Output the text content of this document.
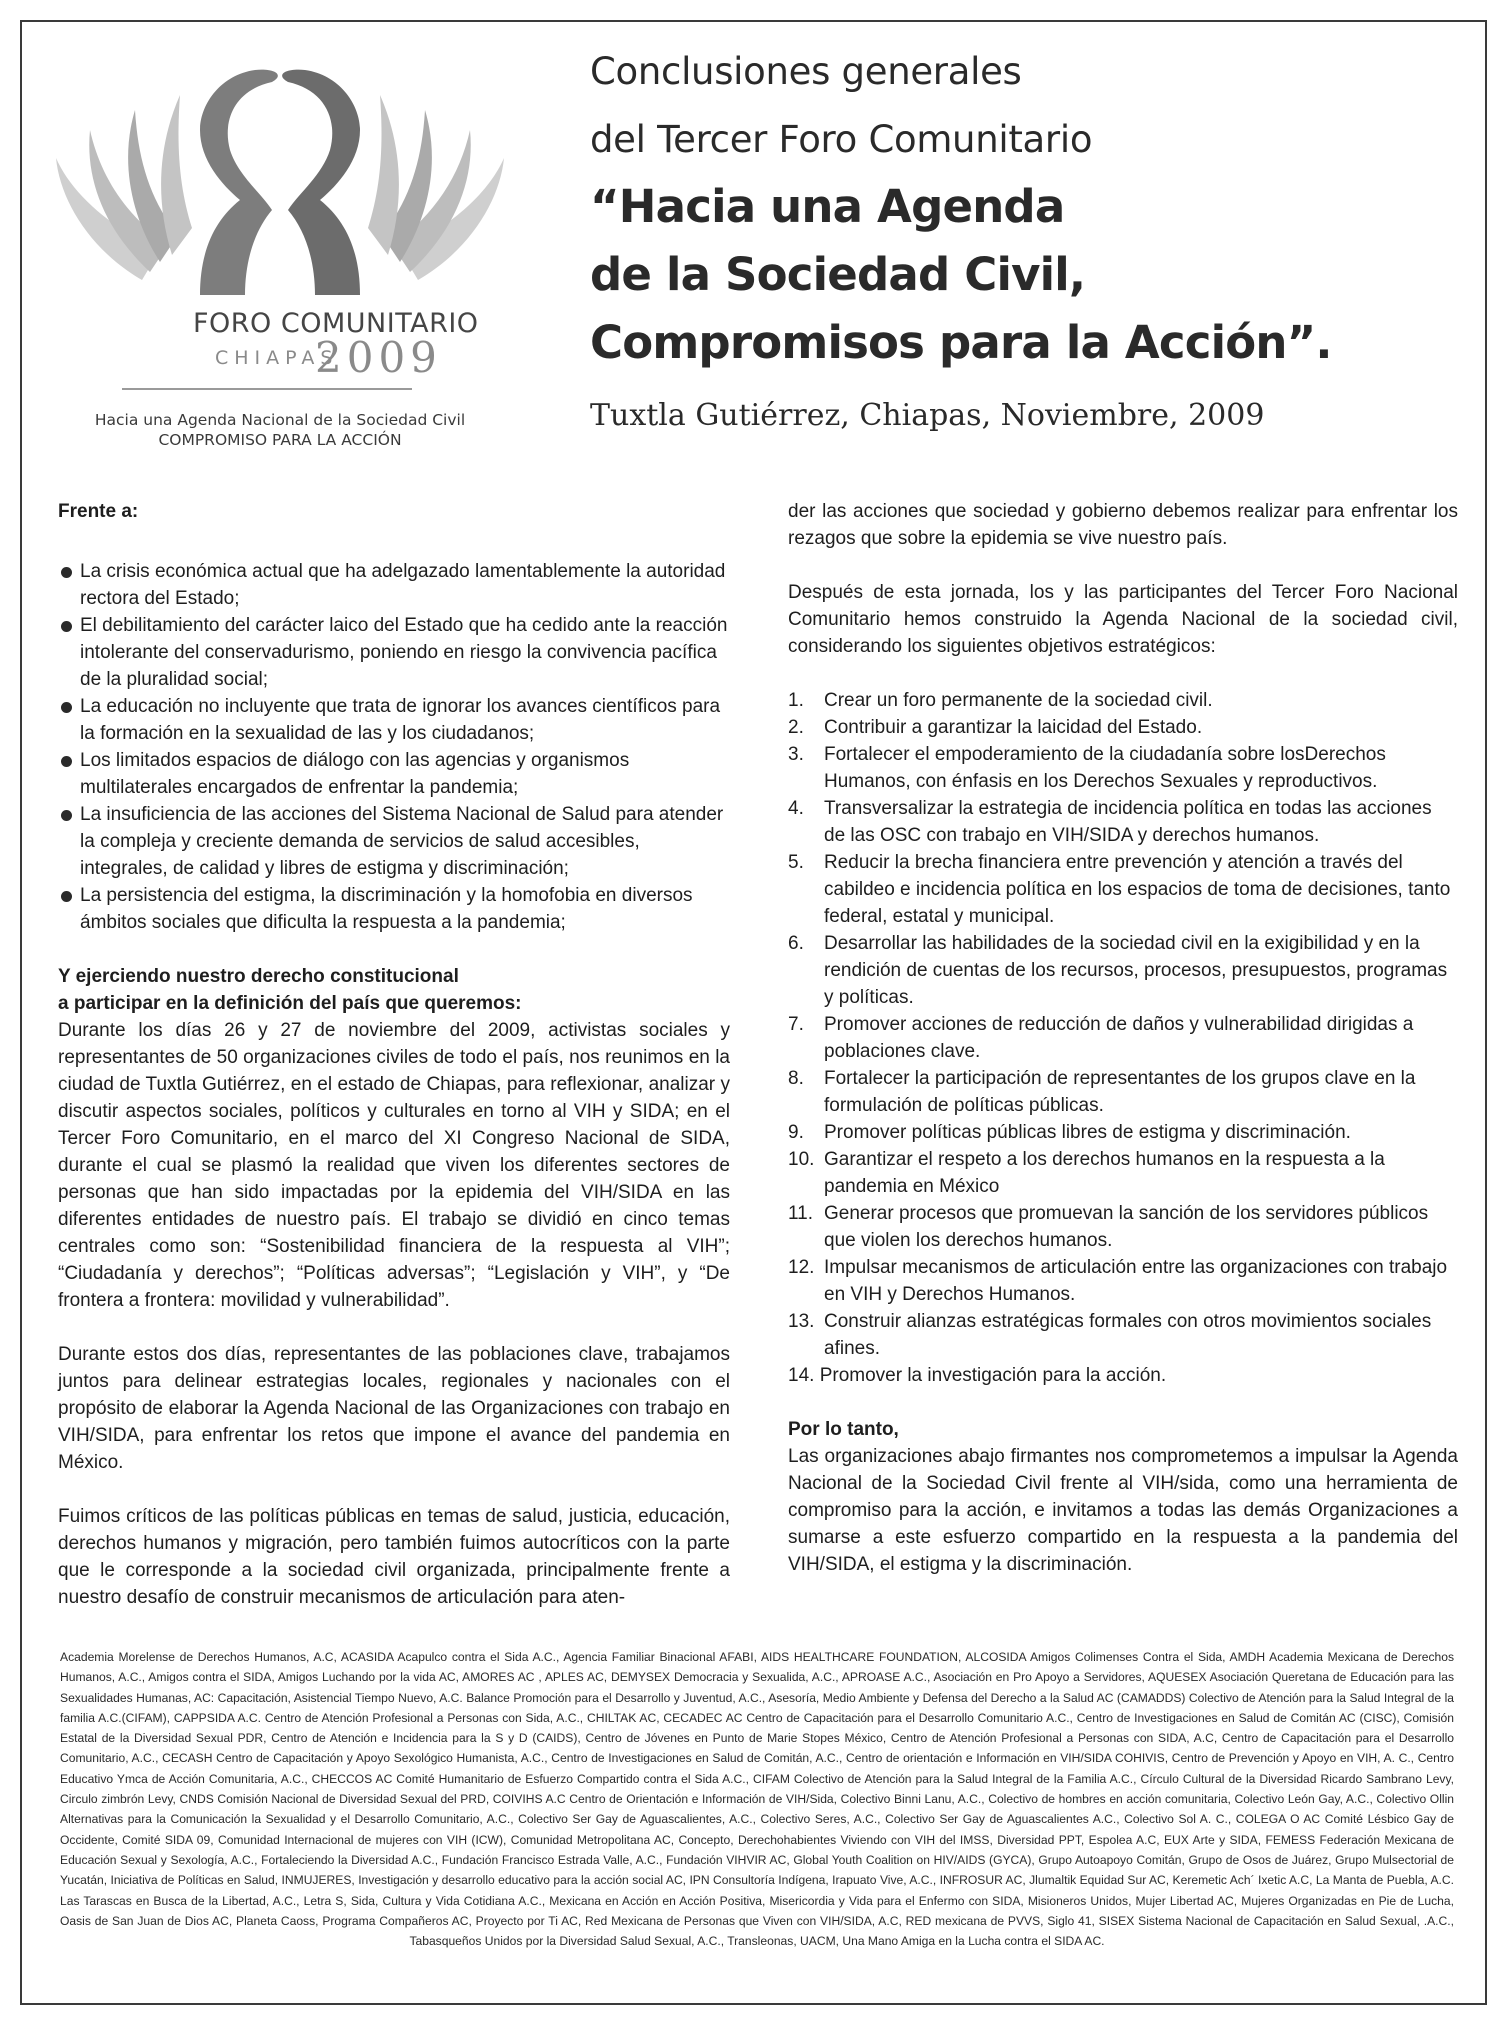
FORO COMUNITARIO
CHIAPAS
2009
Hacia una Agenda Nacional de la Sociedad Civil
COMPROMISO PARA LA ACCIÓN
Conclusiones generales
del Tercer Foro Comunitario
“Hacia una Agenda
de la Sociedad Civil,
Compromisos para la Acción”.
Tuxtla Gutiérrez, Chiapas, Noviembre, 2009

Frente a:

La crisis económica actual que ha adelgazado lamentablemente la autoridad rectora del Estado;

El debilitamiento del carácter laico del Estado que ha cedido ante la reacción intolerante del conservadurismo, poniendo en riesgo la convivencia pacífica de la pluralidad social;

La educación no incluyente que trata de ignorar los avances científicos para la formación en la sexualidad de las y los ciudadanos;

Los limitados espacios de diálogo con las agencias y organismos multilaterales encargados de enfrentar la pandemia;

La insuficiencia de las acciones del Sistema Nacional de Salud para atender la compleja y creciente demanda de servicios de salud accesibles, integrales, de calidad y libres de estigma y discriminación;

La persistencia del estigma, la discriminación y la homofobia en diversos ámbitos sociales que dificulta la respuesta a la pandemia;

Y ejerciendo nuestro derecho constitucional

a participar en la definición del país que queremos:

Durante los días 26 y 27 de noviembre del 2009, activistas sociales y representantes de 50 organizaciones civiles de todo el país, nos reunimos en la ciudad de Tuxtla Gutiérrez, en el estado de Chiapas, para reflexionar, analizar y discutir aspectos sociales, políticos y culturales en torno al VIH y SIDA; en el Tercer Foro Comunitario, en el marco del XI Congreso Nacional de SIDA, durante el cual se plasmó la realidad que viven los diferentes sectores de personas que han sido impactadas por la epidemia del VIH/SIDA en las diferentes entidades de nuestro país. El trabajo se dividió en cinco temas centrales como son: “Sostenibilidad financiera de la respuesta al VIH”; “Ciudadanía y derechos”; “Políticas adversas”; “Legislación y VIH”, y “De frontera a frontera: movilidad y vulnerabilidad”.

Durante estos dos días, representantes de las poblaciones clave, trabajamos juntos para delinear estrategias locales, regionales y nacionales con el propósito de elaborar la Agenda Nacional de las Organizaciones con trabajo en VIH/SIDA, para enfrentar los retos que impone el avance del pandemia en México.

Fuimos críticos de las políticas públicas en temas de salud, justicia, educación, derechos humanos y migración, pero también fuimos autocríticos con la parte que le corresponde a la sociedad civil organizada, principalmente frente a nuestro desafío de construir mecanismos de articulación para aten-

der las acciones que sociedad y gobierno debemos realizar para enfrentar los rezagos que sobre la epidemia se vive nuestro país.

Después de esta jornada, los y las participantes del Tercer Foro Nacional Comunitario hemos construido la Agenda Nacional de la sociedad civil, considerando los siguientes objetivos estratégicos:

1. Crear un foro permanente de la sociedad civil.

2. Contribuir a garantizar la laicidad del Estado.

3. Fortalecer el empoderamiento de la ciudadanía sobre losDerechos Humanos, con énfasis en los Derechos Sexuales y reproductivos.

4. Transversalizar la estrategia de incidencia política en todas las acciones de las OSC con trabajo en VIH/SIDA y derechos humanos.

5. Reducir la brecha financiera entre prevención y atención a través del cabildeo e incidencia política en los espacios de toma de decisiones, tanto federal, estatal y municipal.

6. Desarrollar las habilidades de la sociedad civil en la exigibilidad y en la rendición de cuentas de los recursos, procesos, presupuestos, programas y políticas.

7. Promover acciones de reducción de daños y vulnerabilidad dirigidas a poblaciones clave.

8. Fortalecer la participación de representantes de los grupos clave en la formulación de políticas públicas.

9. Promover políticas públicas libres de estigma y discriminación.

10. Garantizar el respeto a los derechos humanos en la respuesta a la pandemia en México

11. Generar procesos que promuevan la sanción de los servidores públicos que violen los derechos humanos.

12. Impulsar mecanismos de articulación entre las organizaciones con trabajo en VIH y Derechos Humanos.

13. Construir alianzas estratégicas formales con otros movimientos sociales afines.

14. Promover la investigación para la acción.

Por lo tanto,

Las organizaciones abajo firmantes nos comprometemos a impulsar la Agenda Nacional de la Sociedad Civil frente al VIH/sida, como una herramienta de compromiso para la acción, e invitamos a todas las demás Organizaciones a sumarse a este esfuerzo compartido en la respuesta a la pandemia del VIH/SIDA, el estigma y la discriminación.

Academia Morelense de Derechos Humanos, A.C, ACASIDA Acapulco contra el Sida A.C., Agencia Familiar Binacional AFABI, AIDS HEALTHCARE FOUNDATION, ALCOSIDA Amigos Colimenses Contra el Sida, AMDH Academia Mexicana de Derechos Humanos, A.C., Amigos contra el SIDA, Amigos Luchando por la vida AC, AMORES AC , APLES AC, DEMYSEX Democracia y Sexualida, A.C., APROASE A.C., Asociación en Pro Apoyo a Servidores, AQUESEX Asociación Queretana de Educación para las Sexualidades Humanas, AC: Capacitación, Asistencial Tiempo Nuevo, A.C. Balance Promoción para el Desarrollo y Juventud, A.C., Asesoría, Medio Ambiente y Defensa del Derecho a la Salud AC (CAMADDS) Colectivo de Atención para la Salud Integral de la familia A.C.(CIFAM), CAPPSIDA A.C. Centro de Atención Profesional a Personas con Sida, A.C., CHILTAK AC, CECADEC AC Centro de Capacitación para el Desarrollo Comunitario A.C., Centro de Investigaciones en Salud de Comitán AC (CISC), Comisión Estatal de la Diversidad Sexual PDR, Centro de Atención e Incidencia para la S y D (CAIDS), Centro de Jóvenes en Punto de Marie Stopes México, Centro de Atención Profesional a Personas con SIDA, A.C, Centro de Capacitación para el Desarrollo Comunitario, A.C., CECASH Centro de Capacitación y Apoyo Sexológico Humanista, A.C., Centro de Investigaciones en Salud de Comitán, A.C., Centro de orientación e Información en VIH/SIDA COHIVIS, Centro de Prevención y Apoyo en VIH, A. C., Centro Educativo Ymca de Acción Comunitaria, A.C., CHECCOS AC Comité Humanitario de Esfuerzo Compartido contra el Sida A.C., CIFAM Colectivo de Atención para la Salud Integral de la Familia A.C., Círculo Cultural de la Diversidad Ricardo Sambrano Levy, Circulo zimbrón Levy, CNDS Comisión Nacional de Diversidad Sexual del PRD, COIVIHS A.C Centro de Orientación e Información de VIH/Sida, Colectivo Binni Lanu, A.C., Colectivo de hombres en acción comunitaria, Colectivo León Gay, A.C., Colectivo Ollin Alternativas para la Comunicación la Sexualidad y el Desarrollo Comunitario, A.C., Colectivo Ser Gay de Aguascalientes, A.C., Colectivo Seres, A.C., Colectivo Ser Gay de Aguascalientes A.C., Colectivo Sol A. C., COLEGA O AC Comité Lésbico Gay de Occidente, Comité SIDA 09, Comunidad Internacional de mujeres con VIH (ICW), Comunidad Metropolitana AC, Concepto, Derechohabientes Viviendo con VIH del IMSS, Diversidad PPT, Espolea A.C, EUX Arte y SIDA, FEMESS Federación Mexicana de Educación Sexual y Sexología, A.C., Fortaleciendo la Diversidad A.C., Fundación Francisco Estrada Valle, A.C., Fundación VIHVIR AC, Global Youth Coalition on HIV/AIDS (GYCA), Grupo Autoapoyo Comitán, Grupo de Osos de Juárez, Grupo Mulsectorial de Yucatán, Iniciativa de Políticas en Salud, INMUJERES, Investigación y desarrollo educativo para la acción social AC, IPN Consultoría Indígena, Irapuato Vive, A.C., INFROSUR AC, Jlumaltik Equidad Sur AC, Keremetic Ach´ Ixetic A.C, La Manta de Puebla, A.C. Las Tarascas en Busca de la Libertad, A.C., Letra S, Sida, Cultura y Vida Cotidiana A.C., Mexicana en Acción en Acción Positiva, Misericordia y Vida para el Enfermo con SIDA, Misioneros Unidos, Mujer Libertad AC, Mujeres Organizadas en Pie de Lucha, Oasis de San Juan de Dios AC, Planeta Caoss, Programa Compañeros AC, Proyecto por Ti AC, Red Mexicana de Personas que Viven con VIH/SIDA, A.C, RED mexicana de PVVS, Siglo 41, SISEX Sistema Nacional de Capacitación en Salud Sexual, .A.C., Tabasqueños Unidos por la Diversidad Salud Sexual, A.C., Transleonas, UACM, Una Mano Amiga en la Lucha contra el SIDA AC.
